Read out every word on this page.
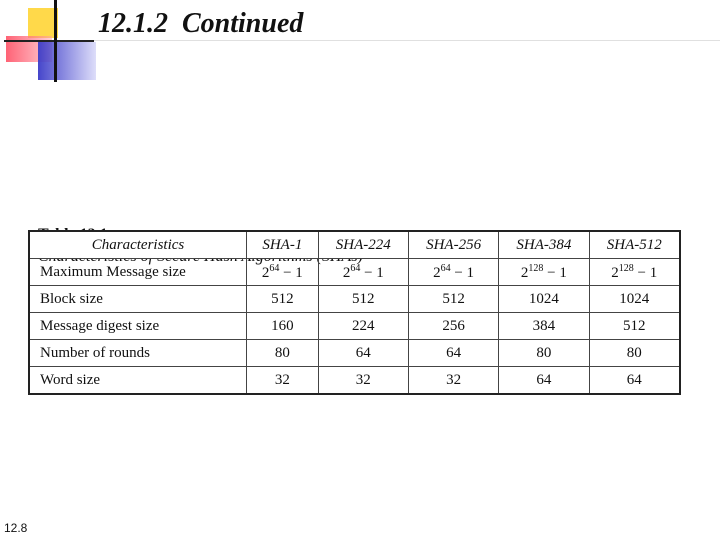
12.1.2  Continued

Characteristics	SHA-1	SHA-224	SHA-256	SHA-384	SHA-512
Maximum Message size	$2^{64} - 1$	$2^{64} - 1$	$2^{64} - 1$	$2^{128} - 1$	$2^{128} - 1$
Block size	512	512	512	1024	1024
Message digest size	160	224	256	384	512
Number of rounds	80	64	64	80	80
Word size	32	32	32	64	64
12.8
